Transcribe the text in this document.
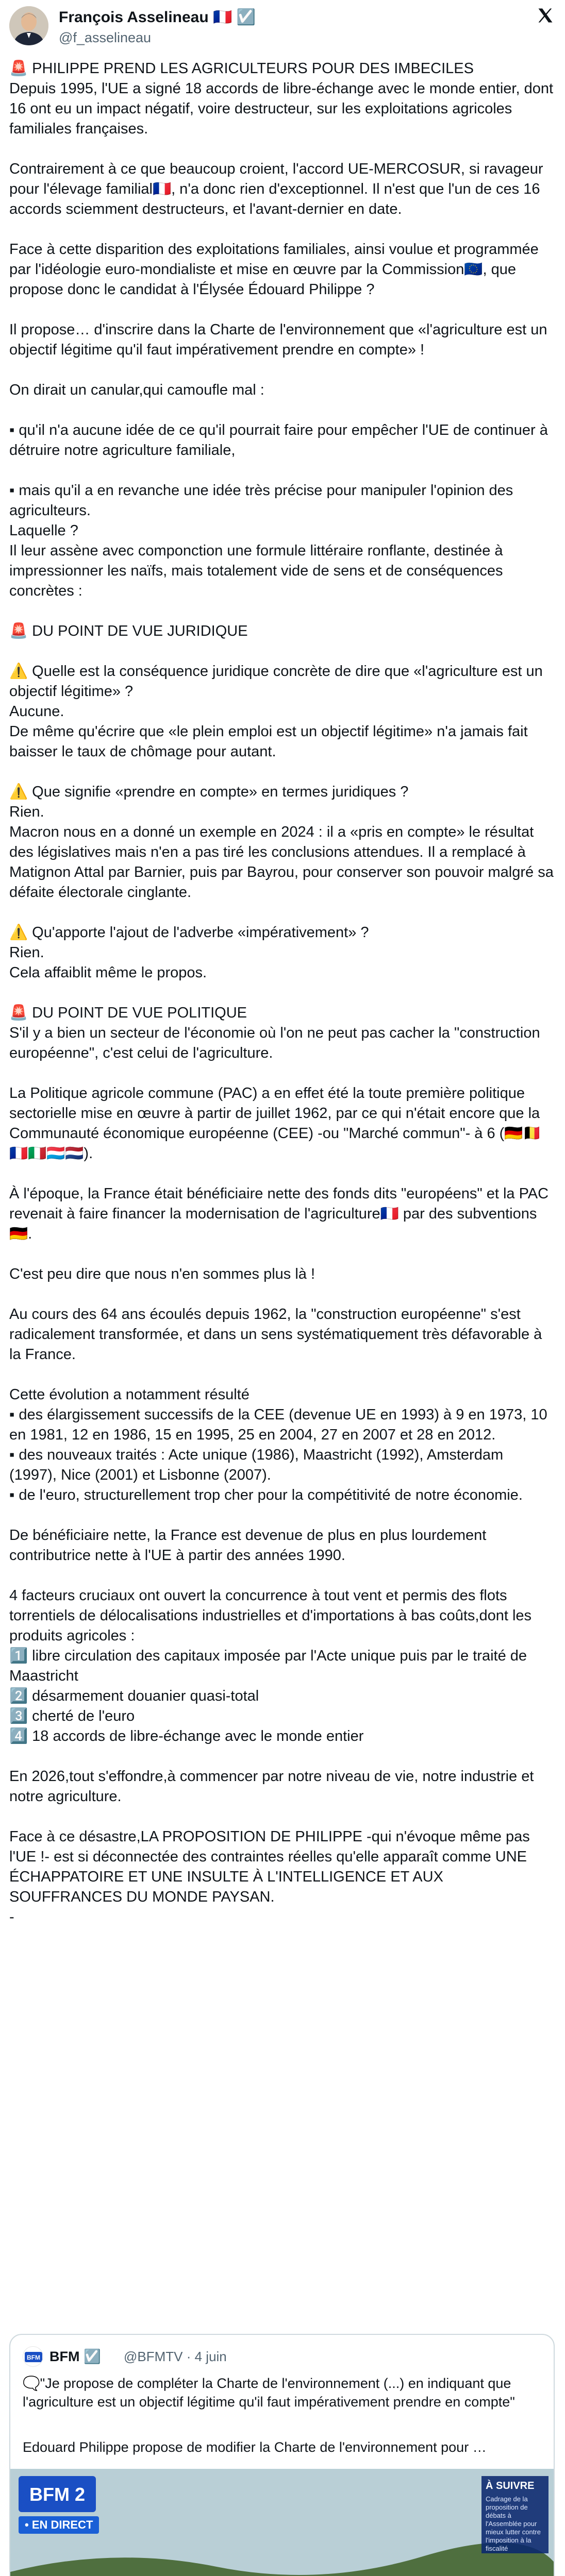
François Asselineau 🇫🇷 ☑️
@f_asselineau
🚨 PHILIPPE PREND LES AGRICULTEURS POUR DES IMBECILES
Depuis 1995, l'UE a signé 18 accords de libre-échange avec le monde entier, dont 16 ont eu un impact négatif, voire destructeur, sur les exploitations agricoles familiales françaises.
Contrairement à ce que beaucoup croient, l'accord UE-MERCOSUR, si ravageur pour l'élevage familial🇫🇷, n'a donc rien d'exceptionnel. Il n'est que l'un de ces 16 accords sciemment destructeurs, et l'avant-dernier en date.
Face à cette disparition des exploitations familiales, ainsi voulue et programmée par l'idéologie euro-mondialiste et mise en œuvre par la Commission🇪🇺, que propose donc le candidat à l'Élysée Édouard Philippe ?
Il propose… d'inscrire dans la Charte de l'environnement que «l'agriculture est un objectif légitime qu'il faut impérativement prendre en compte» !
On dirait un canular,qui camoufle mal :
▪ qu'il n'a aucune idée de ce qu'il pourrait faire pour empêcher l'UE de continuer à détruire notre agriculture familiale,
▪ mais qu'il a en revanche une idée très précise pour manipuler l'opinion des agriculteurs.
Laquelle ?
Il leur assène avec componction une formule littéraire ronflante, destinée à impressionner les naïfs, mais totalement vide de sens et de conséquences concrètes :
🚨 DU POINT DE VUE JURIDIQUE
⚠️ Quelle est la conséquence juridique concrète de dire que «l'agriculture est un objectif légitime» ?
Aucune.
De même qu'écrire que «le plein emploi est un objectif légitime» n'a jamais fait baisser le taux de chômage pour autant.
⚠️ Que signifie «prendre en compte» en termes juridiques ?
Rien.
Macron nous en a donné un exemple en 2024 : il a «pris en compte» le résultat des législatives mais n'en a pas tiré les conclusions attendues. Il a remplacé à Matignon Attal par Barnier, puis par Bayrou, pour conserver son pouvoir malgré sa défaite électorale cinglante.
⚠️ Qu'apporte l'ajout de l'adverbe «impérativement» ?
Rien.
Cela affaiblit même le propos.
🚨 DU POINT DE VUE POLITIQUE
S'il y a bien un secteur de l'économie où l'on ne peut pas cacher la "construction européenne", c'est celui de l'agriculture.
La Politique agricole commune (PAC) a en effet été la toute première politique sectorielle mise en œuvre à partir de juillet 1962, par ce qui n'était encore que la Communauté économique européenne (CEE) -ou "Marché commun"- à 6 (🇩🇪🇧🇪🇫🇷🇮🇹🇱🇺🇳🇱).
À l'époque, la France était bénéficiaire nette des fonds dits "européens" et la PAC revenait à faire financer la modernisation de l'agriculture🇫🇷 par des subventions🇩🇪.
C'est peu dire que nous n'en sommes plus là !
Au cours des 64 ans écoulés depuis 1962, la "construction européenne" s'est radicalement transformée, et dans un sens systématiquement très défavorable à la France.
Cette évolution a notamment résulté
▪ des élargissement successifs de la CEE (devenue UE en 1993) à 9 en 1973, 10 en 1981, 12 en 1986, 15 en 1995, 25 en 2004, 27 en 2007 et 28 en 2012.
▪ des nouveaux traités : Acte unique (1986), Maastricht (1992), Amsterdam (1997), Nice (2001) et Lisbonne (2007).
▪ de l'euro, structurellement trop cher pour la compétitivité de notre économie.
De bénéficiaire nette, la France est devenue de plus en plus lourdement contributrice nette à l'UE à partir des années 1990.
4 facteurs cruciaux ont ouvert la concurrence à tout vent et permis des flots torrentiels de délocalisations industrielles et d'importations à bas coûts,dont les produits agricoles :
1️⃣ libre circulation des capitaux imposée par l'Acte unique puis par le traité de Maastricht
2️⃣ désarmement douanier quasi-total
3️⃣ cherté de l'euro
4️⃣ 18 accords de libre-échange avec le monde entier
En 2026,tout s'effondre,à commencer par notre niveau de vie, notre industrie et notre agriculture.
Face à ce désastre,LA PROPOSITION DE PHILIPPE -qui n'évoque même pas l'UE !- est si déconnectée des contraintes réelles qu'elle apparaît comme UNE ÉCHAPPATOIRE ET UNE INSULTE À L'INTELLIGENCE ET AUX SOUFFRANCES DU MONDE PAYSAN.
-
BFM BFM ☑️ @BFMTV · 4 juin
🗨️"Je propose de compléter la Charte de l'environnement (...) en indiquant que l'agriculture est un objectif légitime qu'il faut impérativement prendre en compte"
Edouard Philippe propose de modifier la Charte de l'environnement pour …
BFM 2
• EN DIRECT
À SUIVRE
Cadrage de la proposition de débats à l'Assemblée pour mieux lutter contre l'imposition à la fiscalité
